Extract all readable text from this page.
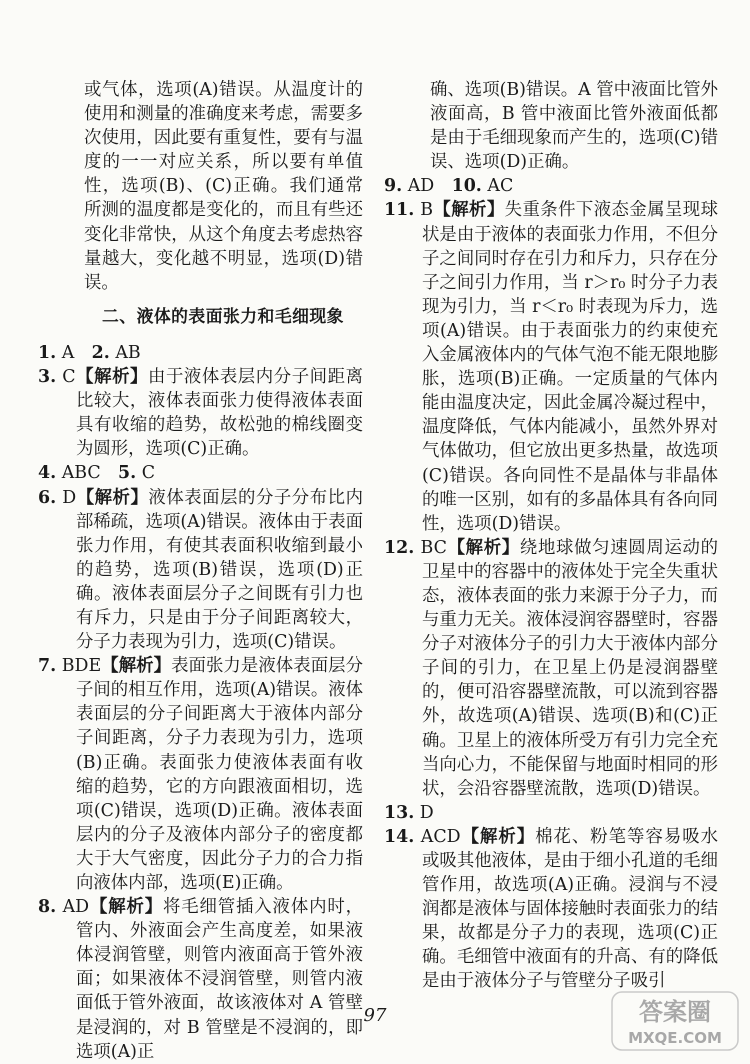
或气体，选项(A)错误。从温度计的使用和测量的准确度来考虑，需要多次使用，因此要有重复性，要有与温度的一一对应关系，所以要有单值性，选项(B)、(C)正确。我们通常所测的温度都是变化的，而且有些还变化非常快，从这个角度去考虑热容量越大，变化越不明显，选项(D)错误。
二、液体的表面张力和毛细现象
1. A  2. AB
3. C【解析】由于液体表层内分子间距离比较大，液体表面张力使得液体表面具有收缩的趋势，故松弛的棉线圈变为圆形，选项(C)正确。
4. ABC  5. C
6. D【解析】液体表面层的分子分布比内部稀疏，选项(A)错误。液体由于表面张力作用，有使其表面积收缩到最小的趋势，选项(B)错误，选项(D)正确。液体表面层分子之间既有引力也有斥力，只是由于分子间距离较大，分子力表现为引力，选项(C)错误。
7. BDE【解析】表面张力是液体表面层分子间的相互作用，选项(A)错误。液体表面层的分子间距离大于液体内部分子间距离，分子力表现为引力，选项(B)正确。表面张力使液体表面有收缩的趋势，它的方向跟液面相切，选项(C)错误，选项(D)正确。液体表面层内的分子及液体内部分子的密度都大于大气密度，因此分子力的合力指向液体内部，选项(E)正确。
8. AD【解析】将毛细管插入液体内时，管内、外液面会产生高度差，如果液体浸润管壁，则管内液面高于管外液面；如果液体不浸润管壁，则管内液面低于管外液面，故该液体对 A 管壁是浸润的，对 B 管壁是不浸润的，即选项(A)正
确、选项(B)错误。A 管中液面比管外液面高，B 管中液面比管外液面低都是由于毛细现象而产生的，选项(C)错误、选项(D)正确。
9. AD  10. AC
11. B【解析】失重条件下液态金属呈现球状是由于液体的表面张力作用，不但分子之间同时存在引力和斥力，只存在分子之间引力作用，当 r＞r₀ 时分子力表现为引力，当 r＜r₀ 时表现为斥力，选项(A)错误。由于表面张力的约束使充入金属液体内的气体气泡不能无限地膨胀，选项(B)正确。一定质量的气体内能由温度决定，因此金属冷凝过程中，温度降低，气体内能减小，虽然外界对气体做功，但它放出更多热量，故选项(C)错误。各向同性不是晶体与非晶体的唯一区别，如有的多晶体具有各向同性，选项(D)错误。
12. BC【解析】绕地球做匀速圆周运动的卫星中的容器中的液体处于完全失重状态，液体表面的张力来源于分子力，而与重力无关。液体浸润容器壁时，容器分子对液体分子的引力大于液体内部分子间的引力，在卫星上仍是浸润器壁的，便可沿容器壁流散，可以流到容器外，故选项(A)错误、选项(B)和(C)正确。卫星上的液体所受万有引力完全充当向心力，不能保留与地面时相同的形状，会沿容器壁流散，选项(D)错误。
13. D
14. ACD【解析】棉花、粉笔等容易吸水或吸其他液体，是由于细小孔道的毛细管作用，故选项(A)正确。浸润与不浸润都是液体与固体接触时表面张力的结果，故都是分子力的表现，选项(C)正确。毛细管中液面有的升高、有的降低是由于液体分子与管壁分子吸引
97	答案圈
MXQE.COM
